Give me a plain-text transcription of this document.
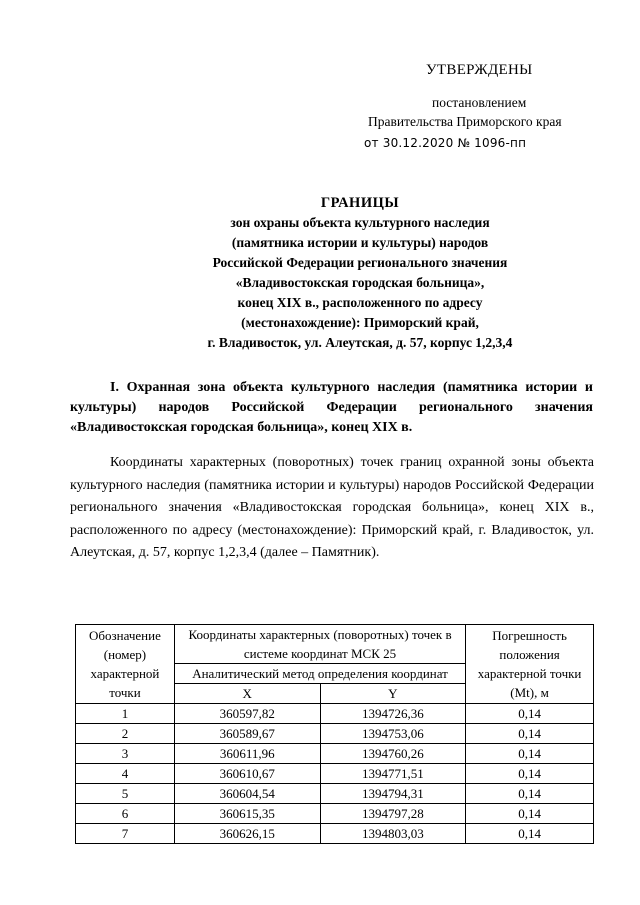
УТВЕРЖДЕНЫ
постановлением
Правительства Приморского края
от 30.12.2020 № 1096-пп
ГРАНИЦЫ
зон охраны объекта культурного наследия
(памятника истории и культуры) народов
Российской Федерации регионального значения
«Владивостокская городская больница»,
конец XIX в., расположенного по адресу
(местонахождение): Приморский край,
г. Владивосток, ул. Алеутская, д. 57, корпус 1,2,3,4
I. Охранная зона объекта культурного наследия (памятника истории и культуры) народов Российской Федерации регионального значения «Владивостокская городская больница», конец XIX в.
Координаты характерных (поворотных) точек границ охранной зоны объекта культурного наследия (памятника истории и культуры) народов Российской Федерации регионального значения «Владивостокская городская больница», конец XIX в., расположенного по адресу (местонахождение): Приморский край, г. Владивосток, ул. Алеутская, д. 57, корпус 1,2,3,4 (далее – Памятник).
Обозначение (номер) характерной точки	Координаты характерных (поворотных) точек в системе координат МСК 25		Погрешность положения характерной точки (Mt), м
	Аналитический метод определения координат		
	X	Y	
1	360597,82	1394726,36	0,14
2	360589,67	1394753,06	0,14
3	360611,96	1394760,26	0,14
4	360610,67	1394771,51	0,14
5	360604,54	1394794,31	0,14
6	360615,35	1394797,28	0,14
7	360626,15	1394803,03	0,14
